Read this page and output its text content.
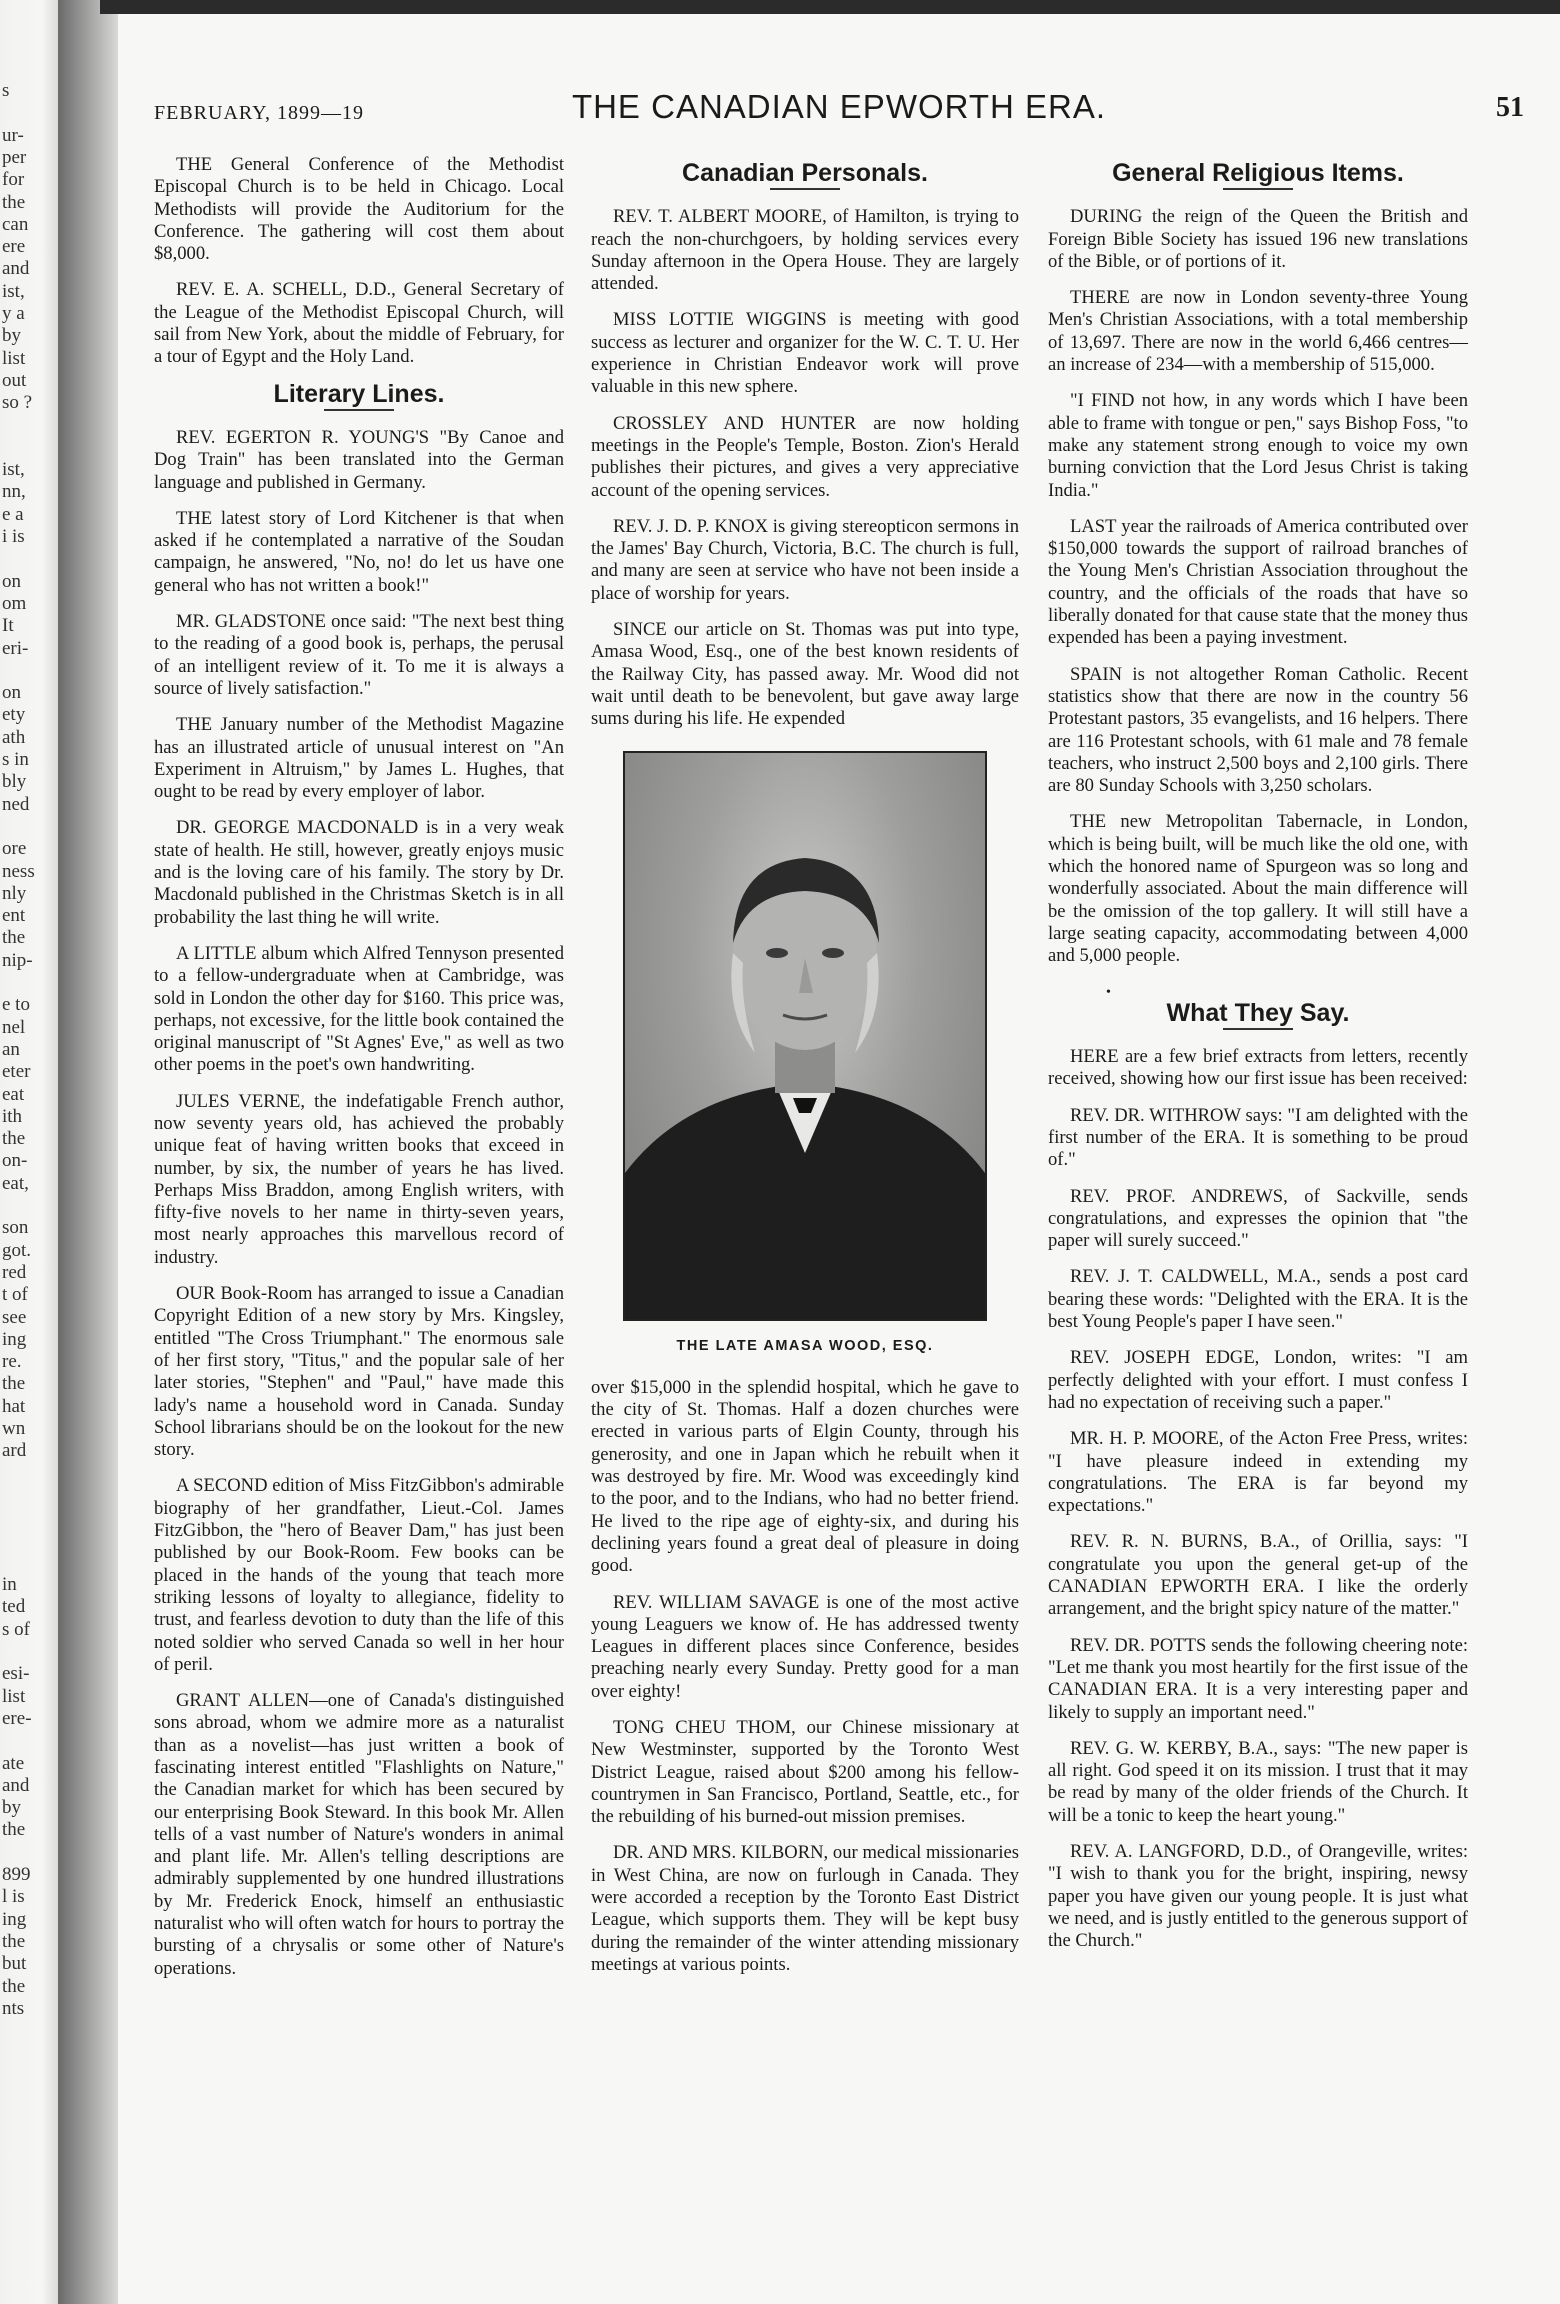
s
ur-
per
for
the
can
ere
and
ist,
y a
by
list
out
so ?
ist,
nn,
e a
i is
on
om
It
eri-
on
ety
ath
s in
bly
ned
ore
ness
nly
ent
the
nip-
e to
nel
an
eter
eat
ith
the
on-
eat,
son
got.
red
t of
see
ing
re.
the
hat
wn
ard
in
ted
s of
esi-
list
ere-
ate
and
by
the
899
l is
ing
the
but
the
nts
FEBRUARY, 1899—19	THE CANADIAN EPWORTH ERA.	51

THE General Conference of the Methodist Episcopal Church is to be held in Chicago. Local Methodists will provide the Auditorium for the Conference. The gathering will cost them about $8,000.

REV. E. A. SCHELL, D.D., General Secretary of the League of the Methodist Episcopal Church, will sail from New York, about the middle of February, for a tour of Egypt and the Holy Land.

Literary Lines.

REV. EGERTON R. YOUNG'S "By Canoe and Dog Train" has been translated into the German language and published in Germany.

THE latest story of Lord Kitchener is that when asked if he contemplated a narrative of the Soudan campaign, he answered, "No, no! do let us have one general who has not written a book!"

MR. GLADSTONE once said: "The next best thing to the reading of a good book is, perhaps, the perusal of an intelligent review of it. To me it is always a source of lively satisfaction."

THE January number of the Methodist Magazine has an illustrated article of unusual interest on "An Experiment in Altruism," by James L. Hughes, that ought to be read by every employer of labor.

DR. GEORGE MACDONALD is in a very weak state of health. He still, however, greatly enjoys music and is the loving care of his family. The story by Dr. Macdonald published in the Christmas Sketch is in all probability the last thing he will write.

A LITTLE album which Alfred Tennyson presented to a fellow-undergraduate when at Cambridge, was sold in London the other day for $160. This price was, perhaps, not excessive, for the little book contained the original manuscript of "St Agnes' Eve," as well as two other poems in the poet's own handwriting.

JULES VERNE, the indefatigable French author, now seventy years old, has achieved the probably unique feat of having written books that exceed in number, by six, the number of years he has lived. Perhaps Miss Braddon, among English writers, with fifty-five novels to her name in thirty-seven years, most nearly approaches this marvellous record of industry.

OUR Book-Room has arranged to issue a Canadian Copyright Edition of a new story by Mrs. Kingsley, entitled "The Cross Triumphant." The enormous sale of her first story, "Titus," and the popular sale of her later stories, "Stephen" and "Paul," have made this lady's name a household word in Canada. Sunday School librarians should be on the lookout for the new story.

A SECOND edition of Miss FitzGibbon's admirable biography of her grandfather, Lieut.-Col. James FitzGibbon, the "hero of Beaver Dam," has just been published by our Book-Room. Few books can be placed in the hands of the young that teach more striking lessons of loyalty to allegiance, fidelity to trust, and fearless devotion to duty than the life of this noted soldier who served Canada so well in her hour of peril.

GRANT ALLEN—one of Canada's distinguished sons abroad, whom we admire more as a naturalist than as a novelist—has just written a book of fascinating interest entitled "Flashlights on Nature," the Canadian market for which has been secured by our enterprising Book Steward. In this book Mr. Allen tells of a vast number of Nature's wonders in animal and plant life. Mr. Allen's telling descriptions are admirably supplemented by one hundred illustrations by Mr. Frederick Enock, himself an enthusiastic naturalist who will often watch for hours to portray the bursting of a chrysalis or some other of Nature's operations.

Canadian Personals.

REV. T. ALBERT MOORE, of Hamilton, is trying to reach the non-churchgoers, by holding services every Sunday afternoon in the Opera House. They are largely attended.

MISS LOTTIE WIGGINS is meeting with good success as lecturer and organizer for the W. C. T. U. Her experience in Christian Endeavor work will prove valuable in this new sphere.

CROSSLEY AND HUNTER are now holding meetings in the People's Temple, Boston. Zion's Herald publishes their pictures, and gives a very appreciative account of the opening services.

REV. J. D. P. KNOX is giving stereopticon sermons in the James' Bay Church, Victoria, B.C. The church is full, and many are seen at service who have not been inside a place of worship for years.

SINCE our article on St. Thomas was put into type, Amasa Wood, Esq., one of the best known residents of the Railway City, has passed away. Mr. Wood did not wait until death to be benevolent, but gave away large sums during his life. He expended

THE LATE AMASA WOOD, ESQ.

over $15,000 in the splendid hospital, which he gave to the city of St. Thomas. Half a dozen churches were erected in various parts of Elgin County, through his generosity, and one in Japan which he rebuilt when it was destroyed by fire. Mr. Wood was exceedingly kind to the poor, and to the Indians, who had no better friend. He lived to the ripe age of eighty-six, and during his declining years found a great deal of pleasure in doing good.

REV. WILLIAM SAVAGE is one of the most active young Leaguers we know of. He has addressed twenty Leagues in different places since Conference, besides preaching nearly every Sunday. Pretty good for a man over eighty!

TONG CHEU THOM, our Chinese missionary at New Westminster, supported by the Toronto West District League, raised about $200 among his fellow-countrymen in San Francisco, Portland, Seattle, etc., for the rebuilding of his burned-out mission premises.

DR. AND MRS. KILBORN, our medical missionaries in West China, are now on furlough in Canada. They were accorded a reception by the Toronto East District League, which supports them. They will be kept busy during the remainder of the winter attending missionary meetings at various points.

General Religious Items.

DURING the reign of the Queen the British and Foreign Bible Society has issued 196 new translations of the Bible, or of portions of it.

THERE are now in London seventy-three Young Men's Christian Associations, with a total membership of 13,697. There are now in the world 6,466 centres—an increase of 234—with a membership of 515,000.

"I FIND not how, in any words which I have been able to frame with tongue or pen," says Bishop Foss, "to make any statement strong enough to voice my own burning conviction that the Lord Jesus Christ is taking India."

LAST year the railroads of America contributed over $150,000 towards the support of railroad branches of the Young Men's Christian Association throughout the country, and the officials of the roads that have so liberally donated for that cause state that the money thus expended has been a paying investment.

SPAIN is not altogether Roman Catholic. Recent statistics show that there are now in the country 56 Protestant pastors, 35 evangelists, and 16 helpers. There are 116 Protestant schools, with 61 male and 78 female teachers, who instruct 2,500 boys and 2,100 girls. There are 80 Sunday Schools with 3,250 scholars.

THE new Metropolitan Tabernacle, in London, which is being built, will be much like the old one, with which the honored name of Spurgeon was so long and wonderfully associated. About the main difference will be the omission of the top gallery. It will still have a large seating capacity, accommodating between 4,000 and 5,000 people.

•
What They Say.

HERE are a few brief extracts from letters, recently received, showing how our first issue has been received:

REV. DR. WITHROW says: "I am delighted with the first number of the ERA. It is something to be proud of."

REV. PROF. ANDREWS, of Sackville, sends congratulations, and expresses the opinion that "the paper will surely succeed."

REV. J. T. CALDWELL, M.A., sends a post card bearing these words: "Delighted with the ERA. It is the best Young People's paper I have seen."

REV. JOSEPH EDGE, London, writes: "I am perfectly delighted with your effort. I must confess I had no expectation of receiving such a paper."

MR. H. P. MOORE, of the Acton Free Press, writes: "I have pleasure indeed in extending my congratulations. The ERA is far beyond my expectations."

REV. R. N. BURNS, B.A., of Orillia, says: "I congratulate you upon the general get-up of the CANADIAN EPWORTH ERA. I like the orderly arrangement, and the bright spicy nature of the matter."

REV. DR. POTTS sends the following cheering note: "Let me thank you most heartily for the first issue of the CANADIAN ERA. It is a very interesting paper and likely to supply an important need."

REV. G. W. KERBY, B.A., says: "The new paper is all right. God speed it on its mission. I trust that it may be read by many of the older friends of the Church. It will be a tonic to keep the heart young."

REV. A. LANGFORD, D.D., of Orangeville, writes: "I wish to thank you for the bright, inspiring, newsy paper you have given our young people. It is just what we need, and is justly entitled to the generous support of the Church."
